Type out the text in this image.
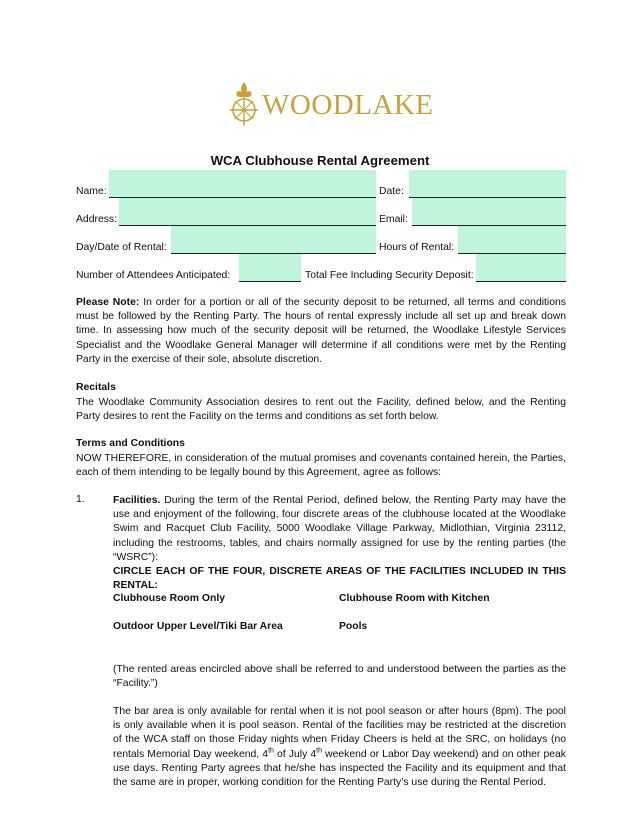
WOODLAKE
WCA Clubhouse Rental Agreement
Name:	Date:
Address:	Email:
Day/Date of Rental:	Hours of Rental:
Number of Attendees Anticipated:	Total Fee Including Security Deposit:
Please Note: In order for a portion or all of the security deposit to be returned, all terms and conditions must be followed by the Renting Party. The hours of rental expressly include all set up and break down time. In assessing how much of the security deposit will be returned, the Woodlake Lifestyle Services Specialist and the Woodlake General Manager will determine if all conditions were met by the Renting Party in the exercise of their sole, absolute discretion.
Recitals
The Woodlake Community Association desires to rent out the Facility, defined below, and the Renting Party desires to rent the Facility on the terms and conditions as set forth below.
Terms and Conditions
NOW THEREFORE, in consideration of the mutual promises and covenants contained herein, the Parties, each of them intending to be legally bound by this Agreement, agree as follows:
1.	Facilities. During the term of the Rental Period, defined below, the Renting Party may have the use and enjoyment of the following, four discrete areas of the clubhouse located at the Woodlake Swim and Racquet Club Facility, 5000 Woodlake Village Parkway, Midlothian, Virginia 23112, including the restrooms, tables, and chairs normally assigned for use by the renting parties (the “WSRC”):
CIRCLE EACH OF THE FOUR, DISCRETE AREAS OF THE FACILITIES INCLUDED IN THIS RENTAL:
Clubhouse Room Only	Clubhouse Room with Kitchen
Outdoor Upper Level/Tiki Bar Area	Pools
(The rented areas encircled above shall be referred to and understood between the parties as the “Facility.”)
The bar area is only available for rental when it is not pool season or after hours (8pm). The pool is only available when it is pool season. Rental of the facilities may be restricted at the discretion of the WCA staff on those Friday nights when Friday Cheers is held at the SRC, on holidays (no rentals Memorial Day weekend, 4th of July 4th weekend or Labor Day weekend) and on other peak use days. Renting Party agrees that he/she has inspected the Facility and its equipment and that the same are in proper, working condition for the Renting Party’s use during the Rental Period.
